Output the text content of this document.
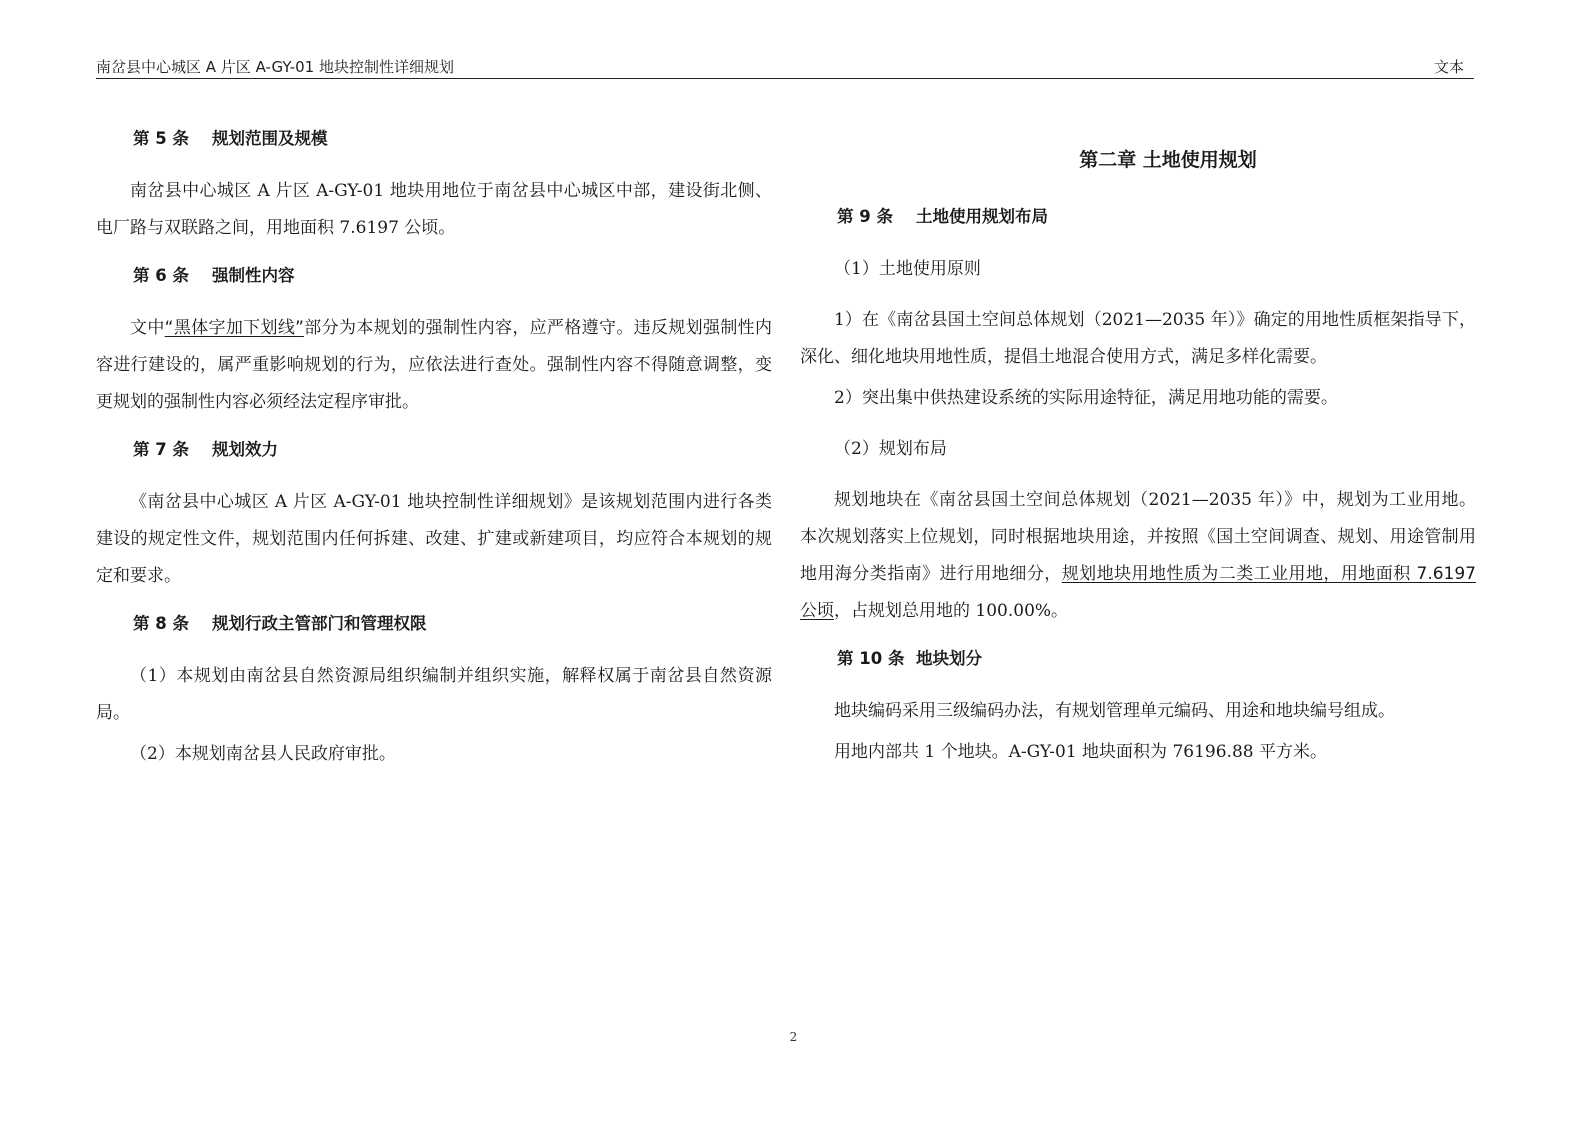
南岔县中心城区 A 片区 A-GY-01 地块控制性详细规划	文本
第 5 条    规划范围及规模

南岔县中心城区 A 片区 A-GY-01 地块用地位于南岔县中心城区中部，建设街北侧、电厂路与双联路之间，用地面积 7.6197 公顷。

第 6 条    强制性内容

文中“黑体字加下划线”部分为本规划的强制性内容，应严格遵守。违反规划强制性内容进行建设的，属严重影响规划的行为，应依法进行查处。强制性内容不得随意调整，变更规划的强制性内容必须经法定程序审批。

第 7 条    规划效力

《南岔县中心城区 A 片区 A-GY-01 地块控制性详细规划》是该规划范围内进行各类建设的规定性文件，规划范围内任何拆建、改建、扩建或新建项目，均应符合本规划的规定和要求。

第 8 条    规划行政主管部门和管理权限

（1）本规划由南岔县自然资源局组织编制并组织实施，解释权属于南岔县自然资源局。

（2）本规划南岔县人民政府审批。

第二章 土地使用规划
第 9 条    土地使用规划布局

（1）土地使用原则

1）在《南岔县国土空间总体规划（2021—2035 年）》确定的用地性质框架指导下，深化、细化地块用地性质，提倡土地混合使用方式，满足多样化需要。

2）突出集中供热建设系统的实际用途特征，满足用地功能的需要。

（2）规划布局

规划地块在《南岔县国土空间总体规划（2021—2035 年）》中，规划为工业用地。本次规划落实上位规划，同时根据地块用途，并按照《国土空间调查、规划、用途管制用地用海分类指南》进行用地细分，规划地块用地性质为二类工业用地，用地面积 7.6197 公顷，占规划总用地的 100.00%。

第 10 条  地块划分

地块编码采用三级编码办法，有规划管理单元编码、用途和地块编号组成。

用地内部共 1 个地块。A-GY-01 地块面积为 76196.88 平方米。

2
